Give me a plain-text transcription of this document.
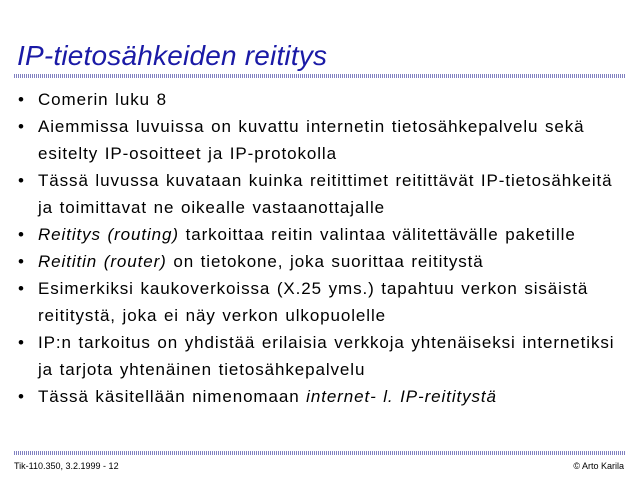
IP-tietosähkeiden reititys
• Comerin luku 8
• Aiemmissa luvuissa on kuvattu internetin tietosähkepalvelu sekä esitelty IP-osoitteet ja IP-protokolla
• Tässä luvussa kuvataan kuinka reitittimet reitittävät IP-tietosähkeitä ja toimittavat ne oikealle vastaanottajalle
• Reititys (routing) tarkoittaa reitin valintaa välitettävälle paketille
• Reititin (router) on tietokone, joka suorittaa reititystä
• Esimerkiksi kaukoverkoissa (X.25 yms.) tapahtuu verkon sisäistä reititystä, joka ei näy verkon ulkopuolelle
• IP:n tarkoitus on yhdistää erilaisia verkkoja yhtenäiseksi internetiksi ja tarjota yhtenäinen tietosähkepalvelu
• Tässä käsitellään nimenomaan internet- l. IP-reititystä
Tik-110.350, 3.2.1999 - 12	© Arto Karila
